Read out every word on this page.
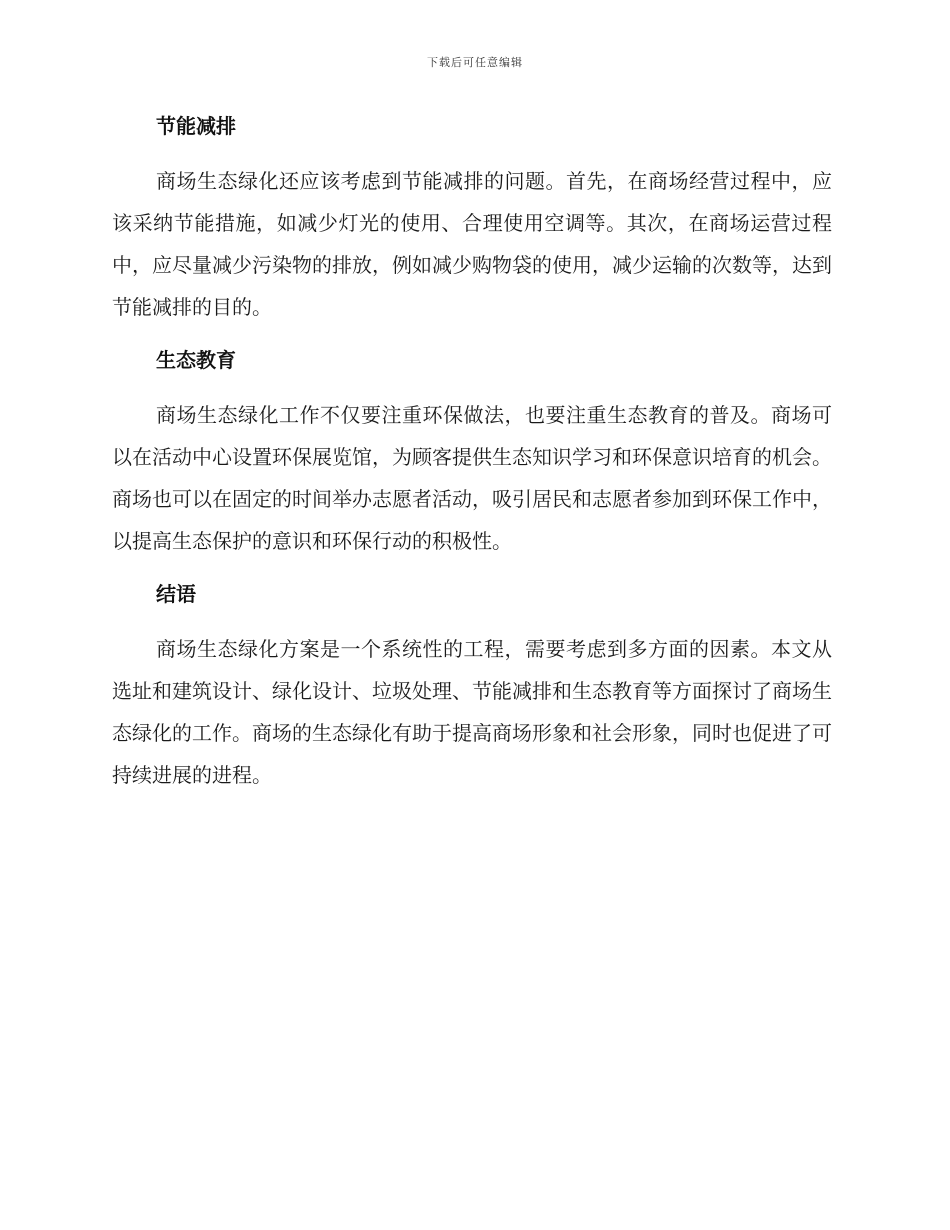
下载后可任意编辑
节能减排

商场生态绿化还应该考虑到节能减排的问题。首先，在商场经营过程中，应该采纳节能措施，如减少灯光的使用、合理使用空调等。其次，在商场运营过程中，应尽量减少污染物的排放，例如减少购物袋的使用，减少运输的次数等，达到节能减排的目的。

生态教育

商场生态绿化工作不仅要注重环保做法，也要注重生态教育的普及。商场可以在活动中心设置环保展览馆，为顾客提供生态知识学习和环保意识培育的机会。商场也可以在固定的时间举办志愿者活动，吸引居民和志愿者参加到环保工作中，以提高生态保护的意识和环保行动的积极性。

结语

商场生态绿化方案是一个系统性的工程，需要考虑到多方面的因素。本文从选址和建筑设计、绿化设计、垃圾处理、节能减排和生态教育等方面探讨了商场生态绿化的工作。商场的生态绿化有助于提高商场形象和社会形象，同时也促进了可持续进展的进程。
